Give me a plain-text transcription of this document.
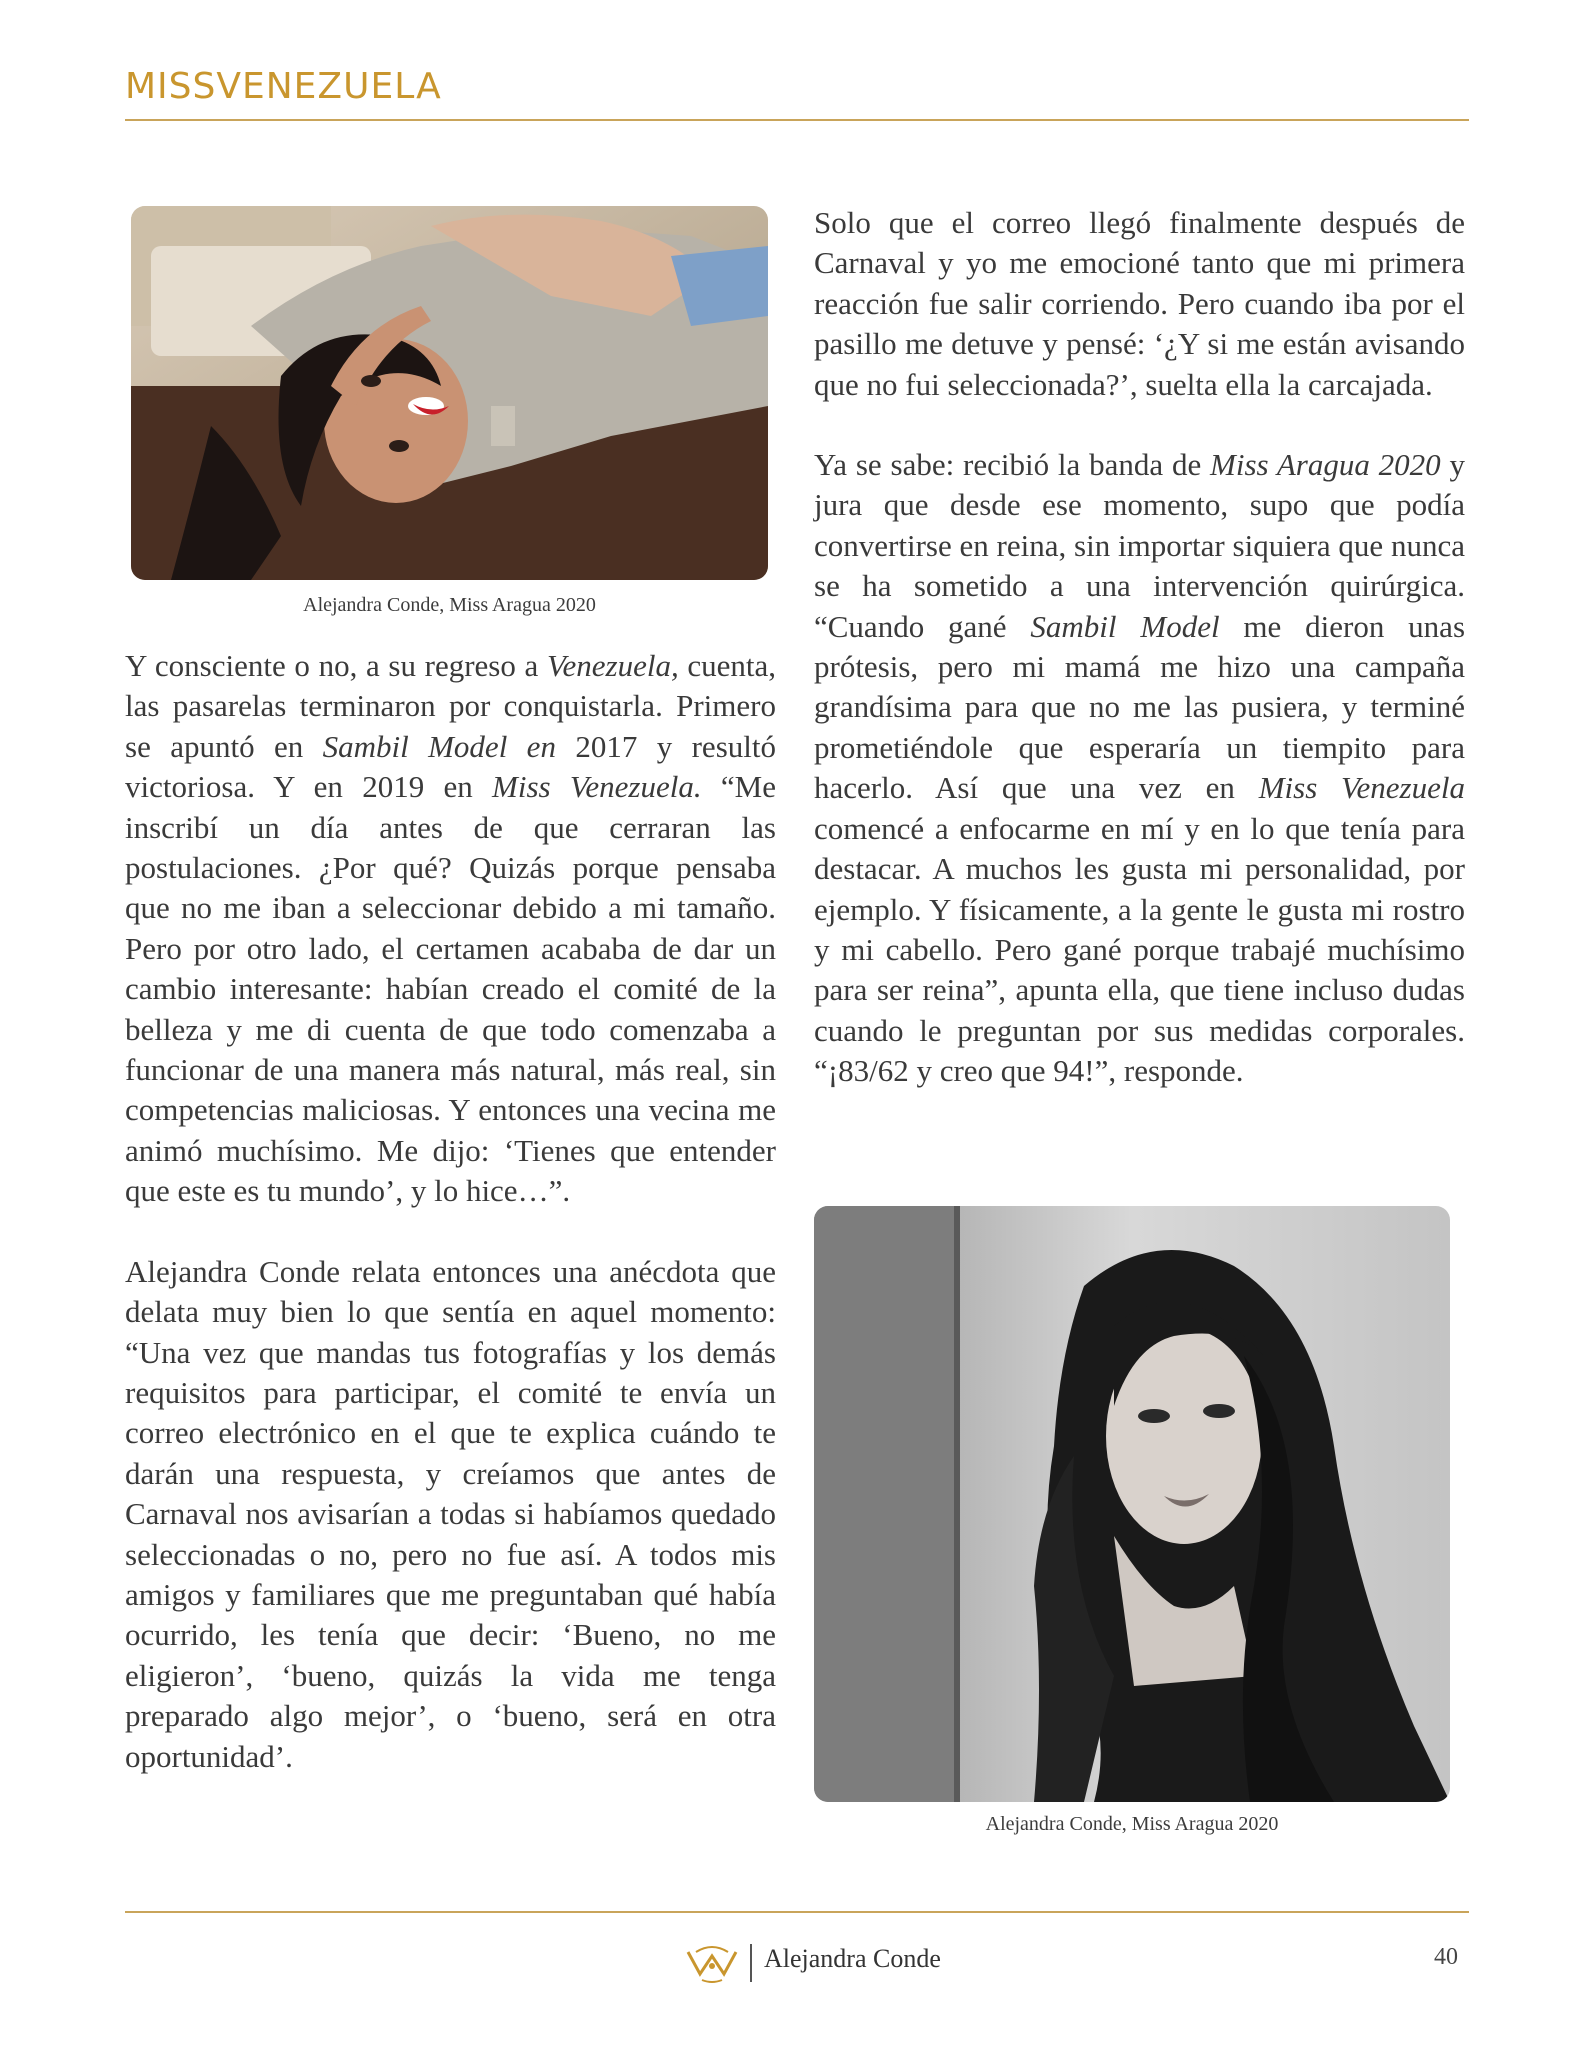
MISSVENEZUELA
Alejandra Conde, Miss Aragua 2020

Y consciente o no, a su regreso a Venezuela, cuenta, las pasarelas terminaron por conquistarla. Primero se apuntó en Sambil Model en 2017 y resultó victoriosa. Y en 2019 en Miss Venezuela. “Me inscribí un día antes de que cerraran las postulaciones. ¿Por qué? Quizás porque pensaba que no me iban a seleccionar debido a mi tamaño. Pero por otro lado, el certamen acababa de dar un cambio interesante: habían creado el comité de la belleza y me di cuenta de que todo comenzaba a funcionar de una manera más natural, más real, sin competencias maliciosas. Y entonces una vecina me animó muchísimo. Me dijo: ‘Tienes que entender que este es tu mundo’, y lo hice…”.

Alejandra Conde relata entonces una anécdota que delata muy bien lo que sentía en aquel momento: “Una vez que mandas tus fotografías y los demás requisitos para participar, el comité te envía un correo electrónico en el que te explica cuándo te darán una respuesta, y creíamos que antes de Carnaval nos avisarían a todas si habíamos quedado seleccionadas o no, pero no fue así. A todos mis amigos y familiares que me preguntaban qué había ocurrido, les tenía que decir: ‘Bueno, no me eligieron’, ‘bueno, quizás la vida me tenga preparado algo mejor’, o ‘bueno, será en otra oportunidad’.

Solo que el correo llegó finalmente después de Carnaval y yo me emocioné tanto que mi primera reacción fue salir corriendo. Pero cuando iba por el pasillo me detuve y pensé: ‘¿Y si me están avisando que no fui seleccionada?’, suelta ella la carcajada.

Ya se sabe: recibió la banda de Miss Aragua 2020 y jura que desde ese momento, supo que podía convertirse en reina, sin importar siquiera que nunca se ha sometido a una intervención quirúrgica. “Cuando gané Sambil Model me dieron unas prótesis, pero mi mamá me hizo una campaña grandísima para que no me las pusiera, y terminé prometiéndole que esperaría un tiempito para hacerlo. Así que una vez en Miss Venezuela comencé a enfocarme en mí y en lo que tenía para destacar. A muchos les gusta mi personalidad, por ejemplo. Y físicamente, a la gente le gusta mi rostro y mi cabello. Pero gané porque trabajé muchísimo para ser reina”, apunta ella, que tiene incluso dudas cuando le preguntan por sus medidas corporales. “¡83/62 y creo que 94!”, responde.

Alejandra Conde, Miss Aragua 2020
Alejandra Conde	40
